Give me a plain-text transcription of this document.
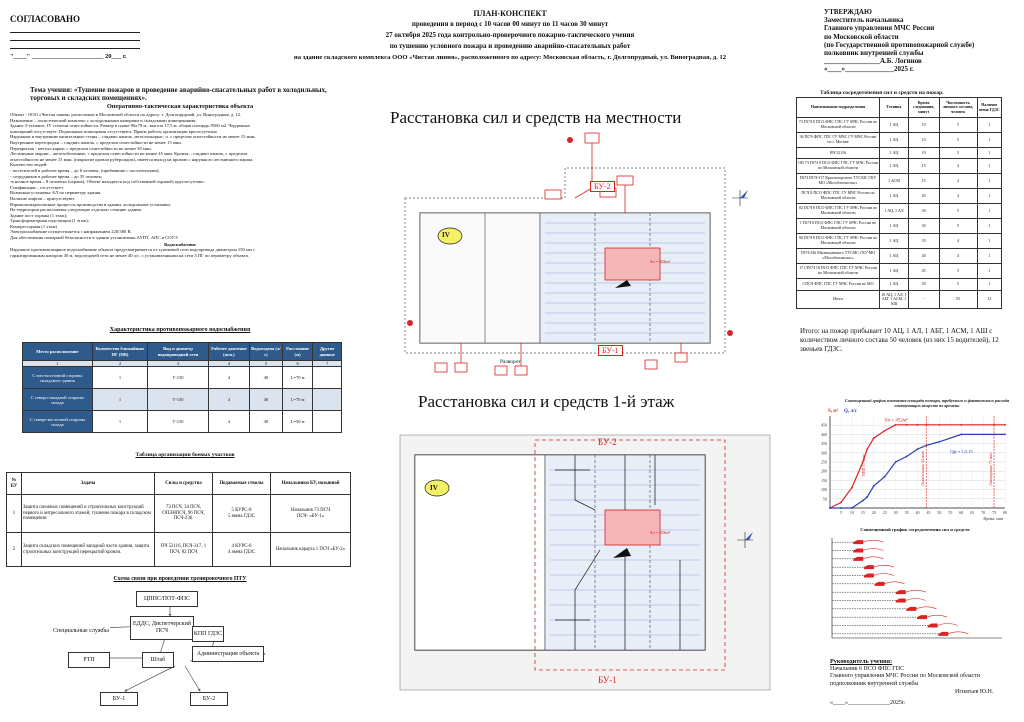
СОГЛАСОВАНО
"____" ______________________ 20___ г.
ПЛАН-КОНСПЕКТ
проведения в период с 10 часов 00 минут по 11 часов 30 минут
27 октября 2025 года контрольно-проверочного пожарно-тактического учения
по тушению условного пожара и проведению аварийно-спасательных работ
на здание складского комплекса ООО «Чистая линия», расположенного по адресу: Московская область, г. Долгопрудный, ул. Виноградная, д. 12
УТВЕРЖДАЮ
Заместитель начальника
Главного управления МЧС России
по Московской области
(по Государственной противопожарной службе)
полковник внутренней службы
________________А.Б. Логинов
«____»______________2025 г.
Тема учения: «Тушение пожаров и проведение аварийно-спасательных работ в холодильных, торговых и складских помещениях».
Оперативно-тактическая характеристика объекта
Объект - ООО «Чистая линия» расположен в Московской области по адресу: г. Долгопрудный, ул. Виноградная, д. 12.
Назначение – логистический комплекс с холодильными камерами и складскими помещениями.
Здание 3-этажное, IV степени огнестойкости. Размер в плане 96х79 м., высота 17,5 м. общая площадь 9500 м2. Чердачных
помещений отсутствует. Подвальные помещения отсутствуют. Прием работы организации круглосуточно
Наружные и внутренние капитальные стены – сэндвич панель, металлокаркас, ч. с пределом огнестойкости не менее 15 мин.
Внутренние перегородки – сэндвич панель, с пределом огнестойкости не менее 15 мин.
Перекрытия - металл каркас с пределом огнестойкости не менее 30 мин.
Лестничные марши – железобетонные, с пределом огнестойкости не менее 45 мин. Кровля – сэндвич панель, с пределом
огнестойкости не менее 15 мин. (покрытие кровли рубероидом), имеется выход на кровлю с наружного лестничного марша.
Количество людей:
- посетителей в рабочее время – до 6 человек, (прибывшие с посетителями);
- сотрудников в рабочее время – до 35 человек;
-в ночное время – 8 человека (охрана); Объект находится под собственной охраной; круглосуточно.
Газификация – отсутствует.
Возможна установка АЛ по периметру здания.
Наличие лифтов – присутствуют.
Взрывопожароопасные процессы производства в здании, холодильные установки.
На территории расположены следующие отдельно стоящие здания:
Здание пост охраны (1 этаж);
Трансформаторная подстанция (1 этаж);
Компрессорная (1 этаж)
Электроснабжение осуществляется с напряжением 220/380 В.
Для обеспечения пожарной безопасности в здании установлены АУПТ, АПС и СОУЭ.
Водоснабжение
Наружное противопожарное водоснабжение объекта предусматривается от тупиковой сети водопровода диаметром 150 мм с
гарантированным напором 30 м, водоотдачей сети не менее 40 л/с, с установленными на сети 3 ПГ по периметру объекта.
Характеристика противопожарного водоснабжения
Место расположение	Количество ближайших ПГ (ПВ)	Вид и диаметр водопроводной сети	Рабочее давление (атм.)	Водоотдача (л/с)	Расстояние (м)	Другие данные
1	2	3	4	5	6	7
С юго-восточной стороны складского здания	1	Т-150	4	40	L=70 м	
С северо-западной стороны склада	1	Т-150	4	40	L=70 м	
С северо-восточной стороны склада	1	Т-150	4	40	L=50 м	
Таблица организации боевых участков
№ БУ	Задача	Силы и средства	Подаваемые стволы	Начальники БУ, позывной
1	Защита смежных помещений и строительных конструкций первого и антресольного этажей; тушение пожара в складском помещении	73 ПСЧ, 34 ПСЧ, ОПЭНПСЧ, 96 ПСЧ, ПСЧ-236.	5 КУРС-8
5 звена ГДЗС	Начальник 73 ПСЧ
ПСЧ- «БУ-1»
2	Защита складских помещений западной части здания, защита строительных конструкций перекрытий кровли.	ПЧ 52116, ПСЧ-317, 1 ПСЧ, 82 ПСЧ	4 КУРС-8
4 звена ГДЗС	Начальник караула 1 ПСЧ «БУ-2»
Схема связи при проведении тренировочного ПТУ
ЦППС/ПОТ-ФПС
ЕДДС, Диспетчерский ПСЧ
Специальные службы	КПП ГДЗС
РТП	Штаб
Администрация объекта
БУ-1	БУ-2
Расстановка сил и средств на местности
Расстановка сил и средств 1-й этаж
IV
БУ-2
БУ-1
Sп = 456м²
Разворот
IV
БУ-2
БУ-1
Sп = 456м²
Таблица сосредоточения сил и средств на пожар.
Наименование подразделения	Техника	Время следования, минут	Численность личного состава, человек	Наличие звена ГДЗС
73 ПСЧ 8 ПСО ФПС ГПС ГУ МЧС России по Московской области	1 АЦ	10	5	1
94 ПСЧ ФПС ГПС ГУ МЧС ГУ МЧС России по г. Москве	1 АЦ	10	5	1
ВЧ 52116	1 АЦ	10	5	1
ОП 73 ПСЧ 8 ПСО ФПС ГПС ГУ МЧС России по Московской области	1 АЦ	15	4	1
ПСЧ ПСЧ-317 Красногорского ТУСМС ГКУ МО «Мособлпожспас»	1 АСМ	15	4	1
ПСЧ 8 ПСО ФПС ГПС ГУ МЧС России по Московской области	1 АЦ	20	4	1
82 ПСЧ 8 ПСО ФПС ГПС ГУ МЧС России по Московской области	1 АЦ, 1 АЛ	30	5	1
1 ПСЧ 8 ПСО ФПС ГПС ГУ МЧС России по Московской области	1 АЦ	30	5	1
96 ПСЧ 8 ПСО ФПС ГПС ГУ МЧС России по Московской области	1 АЦ	35	4	1
ПСЧ-236 Мытищинского ТУСМС ГКУ МО «Мособлпожспас»	1 АЦ	40	4	1
17 СПСЧ 18 ПСО ФПС ГПС ГУ МЧС России по Московской области	1 АЦ	45	5	1
СПСЧ ФПС ГПС ГУ МЧС России по МО	1 АЦ	50	5	1
Итого	10 АЦ, 1 АЛ, 1 АБГ 1 АСМ, 1 АШ	-	55	12
Итого: на пожар прибывает 10 АЦ, 1 АЛ, 1 АБГ, 1 АСМ, 1 АШ с количеством личного состава 50 человек (из них 15 водителей), 12 звеньев ГДЗС.
Совмещенный график изменения площади пожара, требуемого и фактического расхода огнетушащих веществ по времени
50
100
150
200
250
300
350
400
450
5 10 15 20 25 30 35 40 45 50 55 60 65 70 75 80
S, м² Q, л/с
Время, мин
Sп = 452м²
Qф = 1,0,15
Локализация 44 мин	Ликвидация 75 мин
НПП 17 мин
Совмещенный график сосредоточения сил и средств
Руководитель учения:
Начальник 6 ПСО ФПС ГПС
Главного управления МЧС России по Московской области
подполковник внутренней службы
Игнатьев Ю.Н.
«____»______________2025г.
